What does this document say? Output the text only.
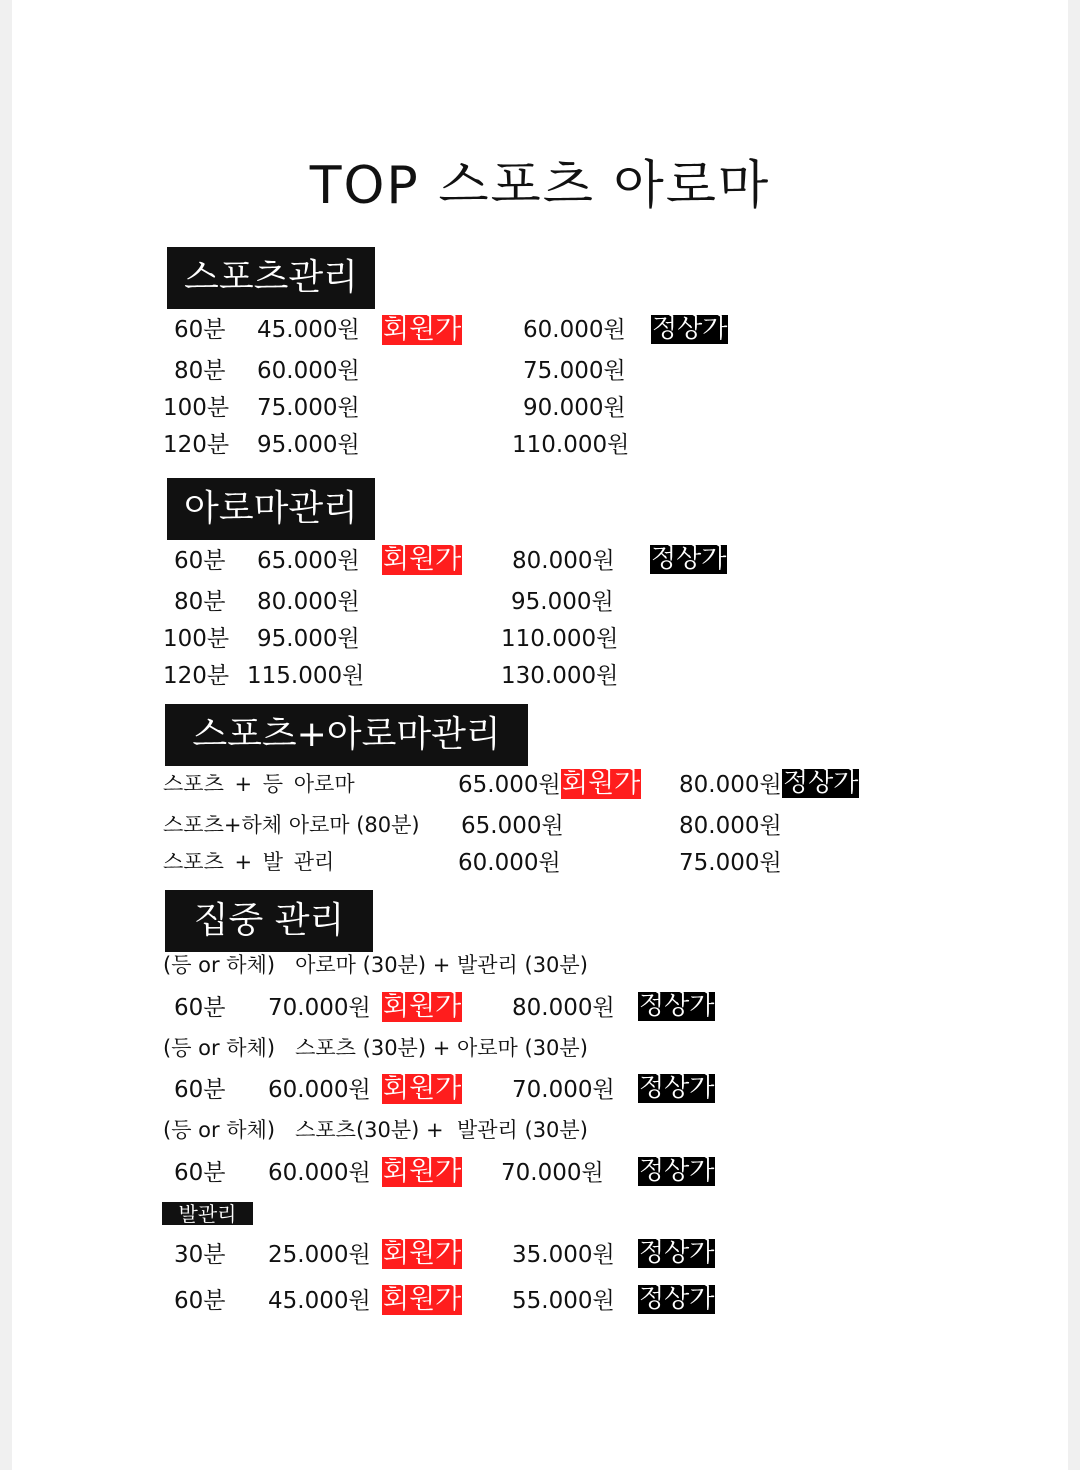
TOP 스포츠 아로마
스포츠관리
60분 45.000원 회원가	60.000원 정상가
80분 60.000원	75.000원
100분 75.000원	90.000원
120분 95.000원	110.000원
아로마관리
60분 65.000원 회원가 80.000원 정상가
80분 80.000원	95.000원
100분 95.000원	110.000원
120분 115.000원	130.000원
스포츠+아로마관리
스포츠 + 등 아로마	65.000원 회원가 80.000원 정상가
스포츠+하체 아로마 (80분) 65.000원	80.000원
스포츠 + 발 관리	60.000원	75.000원
집중 관리
(등 or 하체)   아로마 (30분) + 발관리 (30분)
60분 70.000원 회원가 80.000원 정상가
(등 or 하체)   스포츠 (30분) + 아로마 (30분)
60분 60.000원 회원가 70.000원 정상가
(등 or 하체)   스포츠(30분) +  발관리 (30분)
60분 60.000원 회원가 70.000원 정상가
발관리
30분 25.000원 회원가 35.000원 정상가
60분 45.000원 회원가 55.000원 정상가
